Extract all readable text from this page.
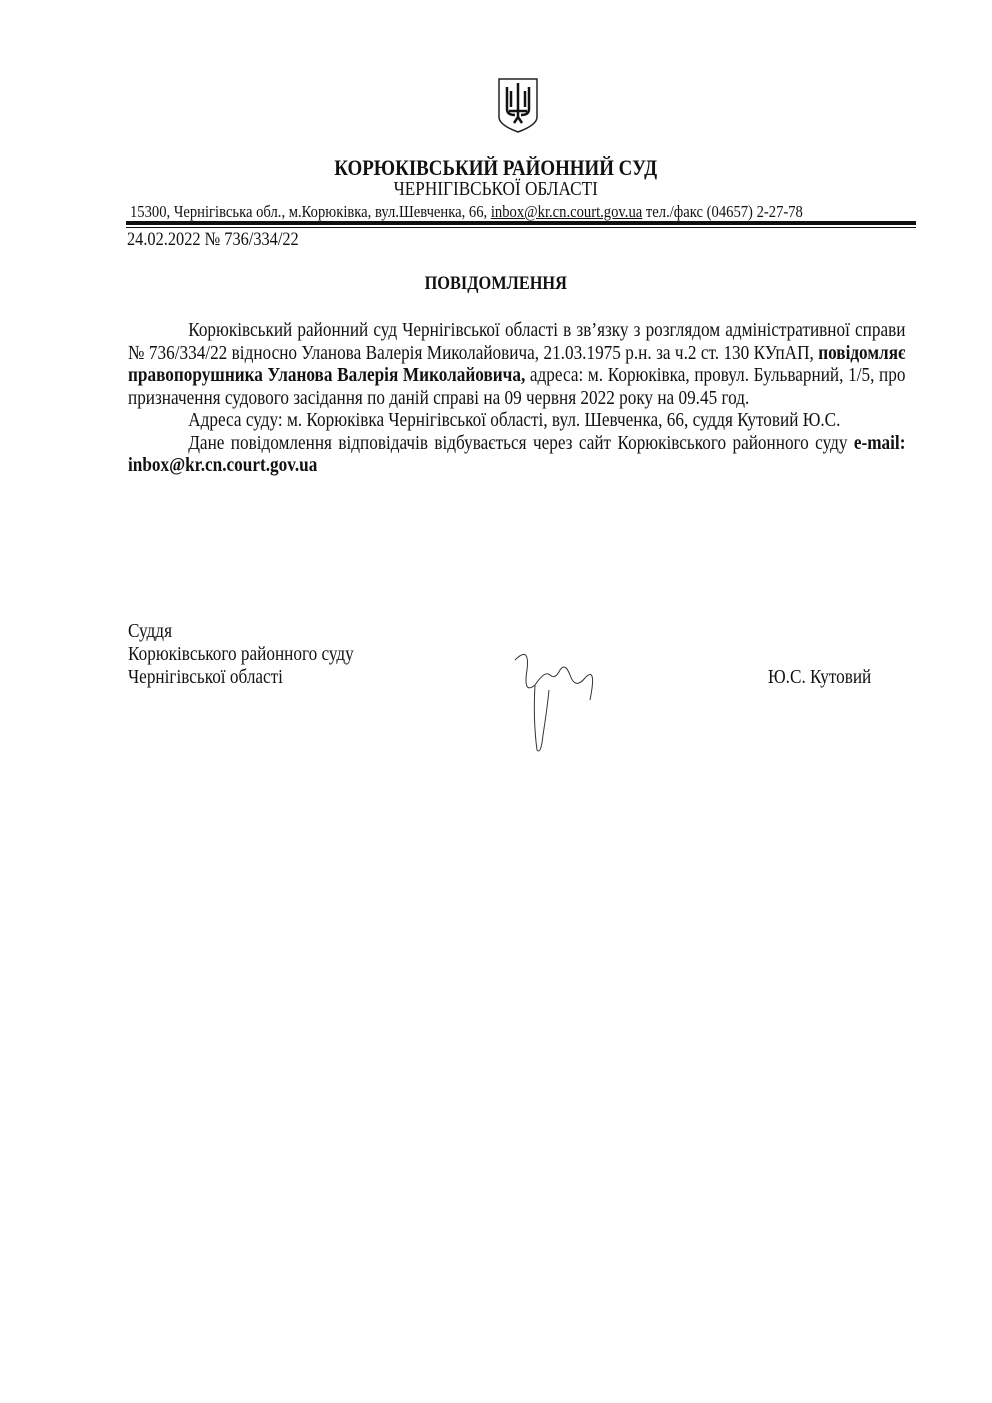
КОРЮКІВСЬКИЙ РАЙОННИЙ СУД
ЧЕРНІГІВСЬКОЇ ОБЛАСТІ
15300, Чернігівська обл., м.Корюківка, вул.Шевченка, 66, inbox@kr.cn.court.gov.ua тел./факс (04657) 2-27-78
24.02.2022 № 736/334/22
ПОВІДОМЛЕННЯ

Корюківський районний суд Чернігівської області в зв’язку з розглядом адміністративної справи № 736/334/22 відносно Уланова Валерія Миколайовича, 21.03.1975 р.н. за ч.2 ст. 130 КУпАП, повідомляє правопорушника Уланова Валерія Миколайовича, адреса: м. Корюківка, провул. Бульварний, 1/5, про призначення судового засідання по даній справі на 09 червня 2022 року на 09.45 год.

Адреса суду: м. Корюківка Чернігівської області, вул. Шевченка, 66, суддя Кутовий Ю.С.

Дане повідомлення відповідачів відбувається через сайт Корюківського районного суду e-mail: inbox@kr.cn.court.gov.ua

Суддя
Корюківського районного суду
Чернігівської області	Ю.С. Кутовий
